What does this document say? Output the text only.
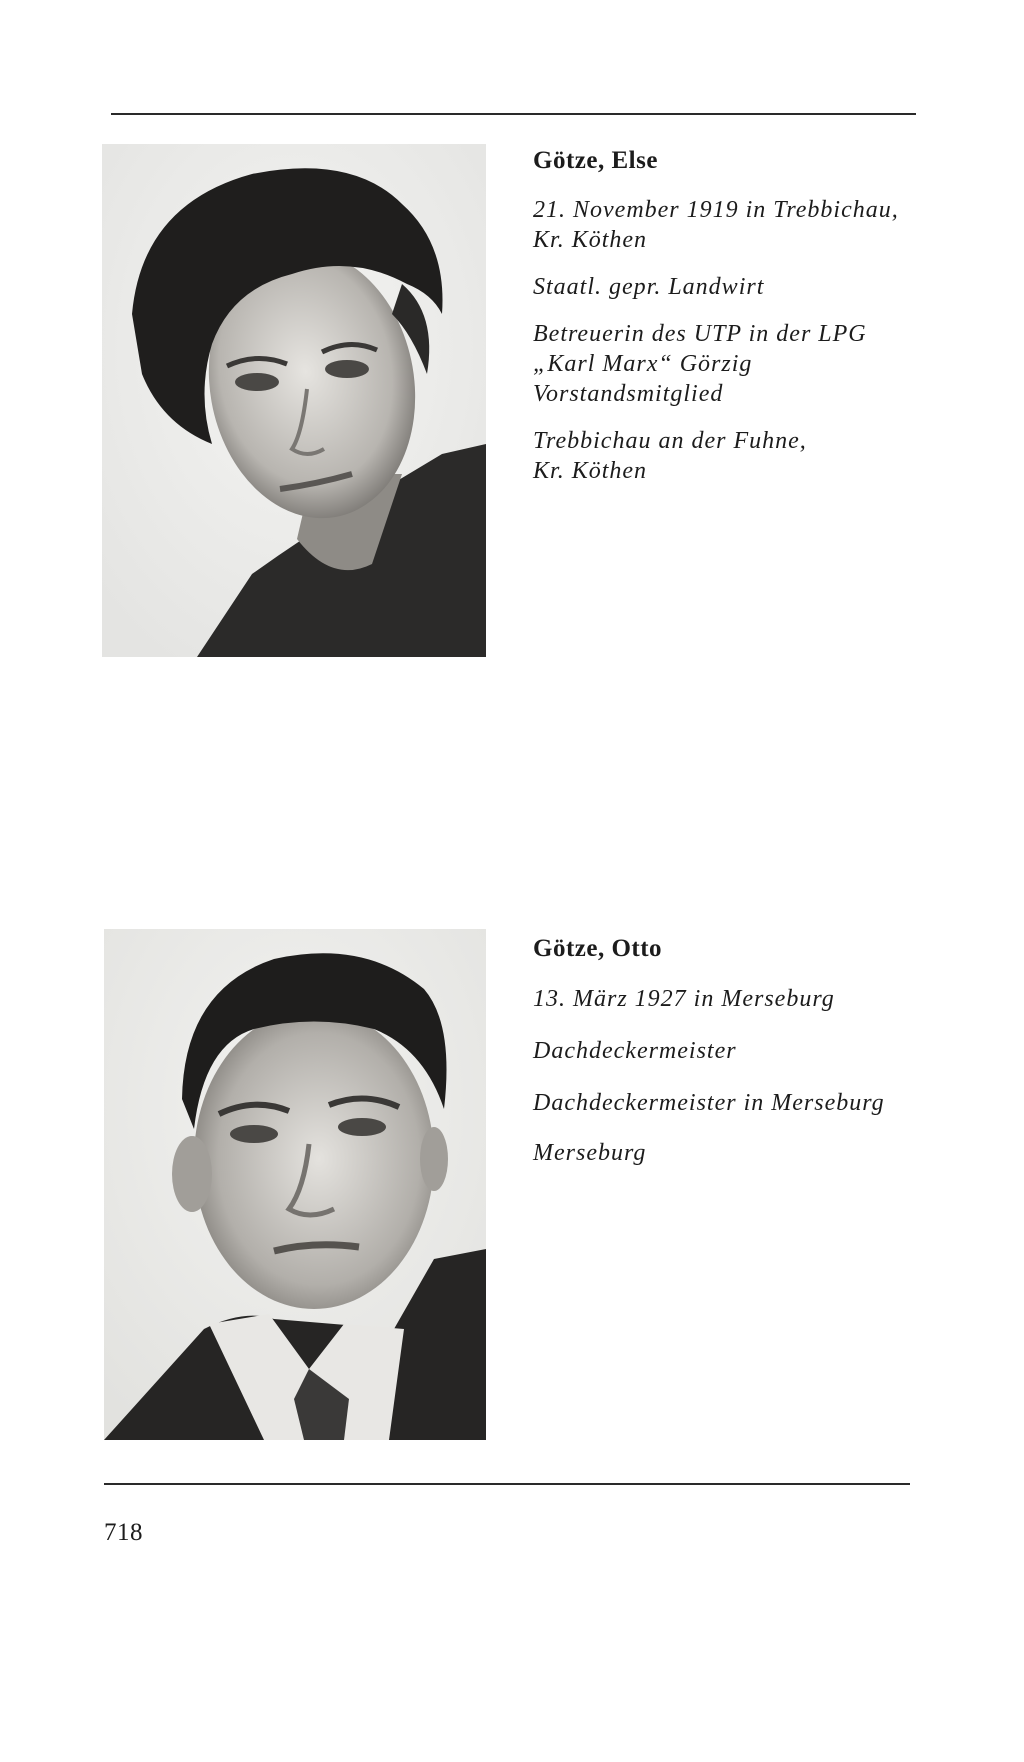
Götze, Else
21. November 1919 in Trebbichau,
Kr. Köthen
Staatl. gepr. Landwirt
Betreuerin des UTP in der LPG
„Karl Marx“ Görzig
Vorstandsmitglied
Trebbichau an der Fuhne,
Kr. Köthen
Götze, Otto
13. März 1927 in Merseburg
Dachdeckermeister
Dachdeckermeister in Merseburg
Merseburg

718
